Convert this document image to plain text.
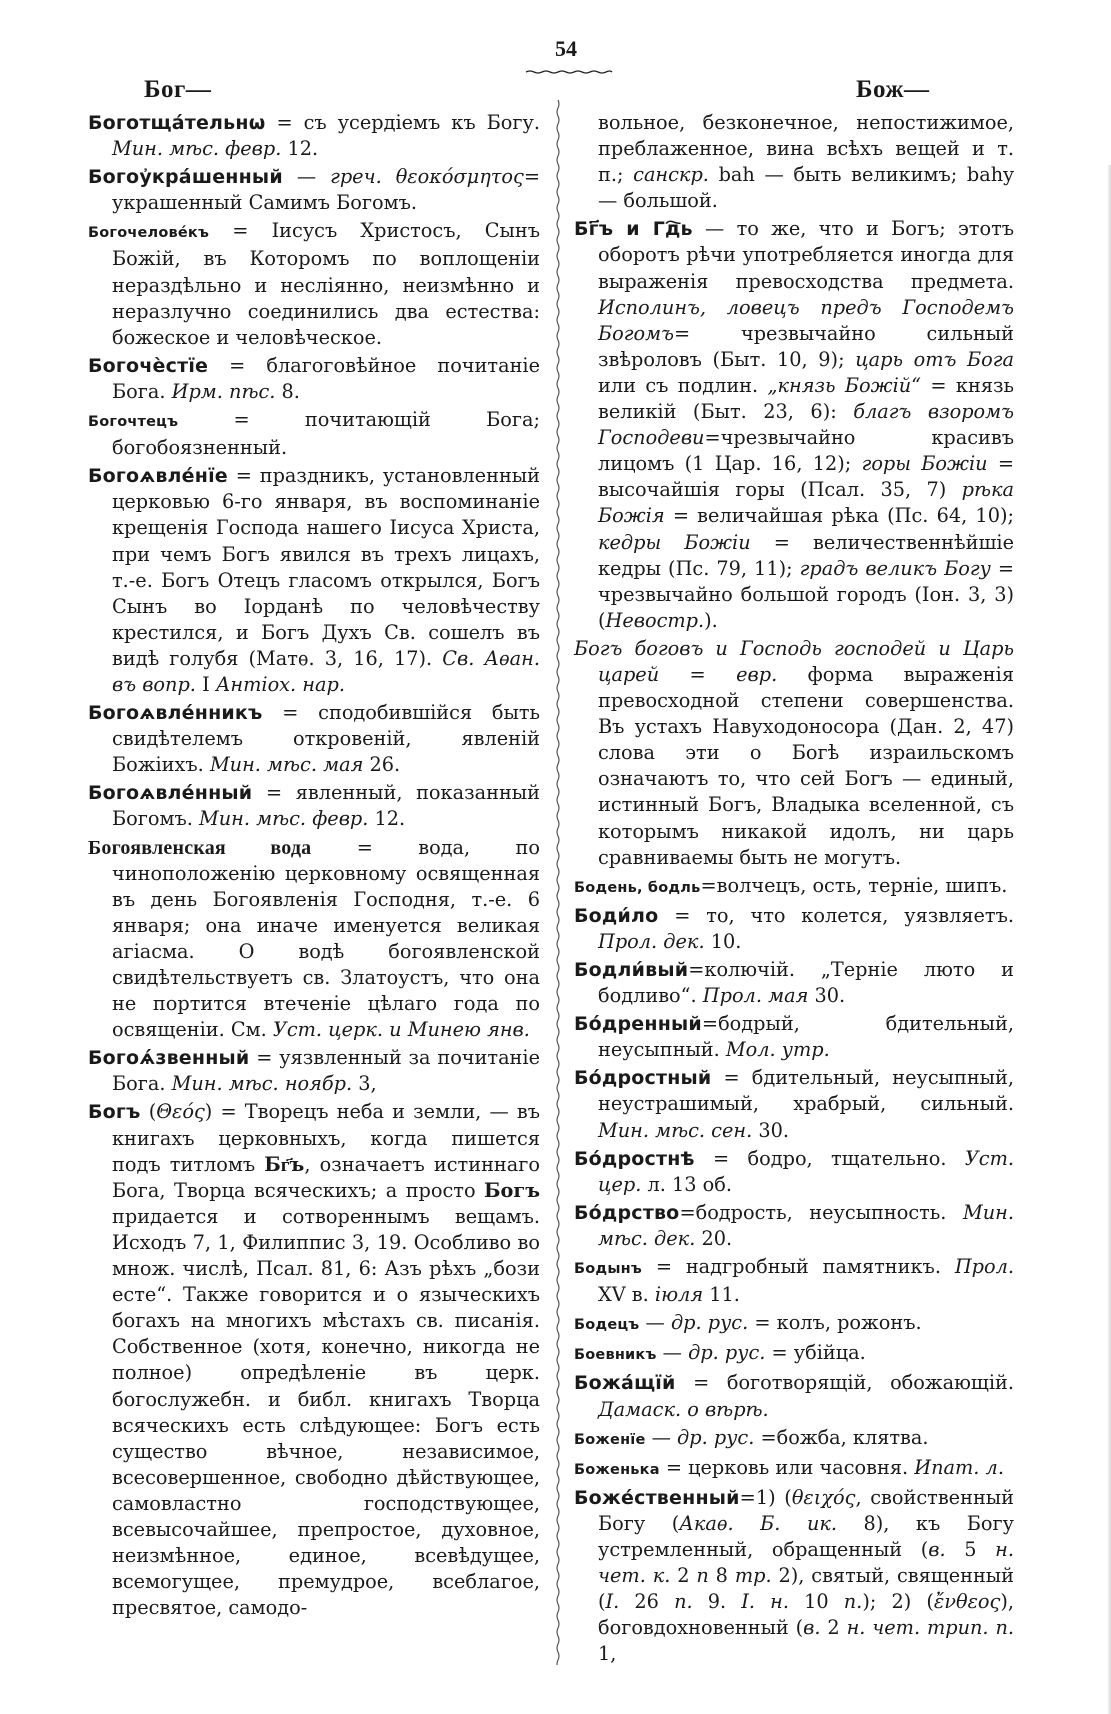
54
Бог—	Бож—

Боготща́тельнѡ = съ усердіемъ къ Богу. Мин. мѣс. февр. 12.

Богоу҆кра́шенный — греч. θεοκόσμητος= украшенный Самимъ Богомъ.

Богочелове́къ = Іисусъ Христосъ, Сынъ Божій, въ Которомъ по воплощеніи нераздѣльно и несліянно, неизмѣнно и неразлучно соединились два естества: божеское и человѣческое.

Богочѐстїе = благоговѣйное почитаніе Бога. Ирм. пѣс. 8.

Богочтецъ = почитающій Бога; богобоязненный.

Богоѧвле́нїе = праздникъ, установленный церковью 6-го января, въ воспоминаніе крещенія Господа нашего Іисуса Христа, при чемъ Богъ явился въ трехъ лицахъ, т.-е. Богъ Отецъ гласомъ открылся, Богъ Сынъ во Іорданѣ по человѣчеству крестился, и Богъ Духъ Св. сошелъ въ видѣ голубя (Матѳ. 3, 16, 17). Св. Аѳан. въ вопр. I Антіох. нар.

Богоѧвле́нникъ = сподобившійся быть свидѣтелемъ откровеній, явленій Божіихъ. Мин. мѣс. мая 26.

Богоѧвле́нный = явленный, показанный Богомъ. Мин. мѣс. февр. 12.

Богоявленская вода = вода, по чиноположенію церковному освященная въ день Богоявленія Господня, т.-е. 6 января; она иначе именуется великая агіасма. О водѣ богоявленской свидѣтельствуетъ св. Златоустъ, что она не портится втеченіе цѣлаго года по освященіи. См. Уст. церк. и Минею янв.

Богоѧ́звенный = уязвленный за почитаніе Бога. Мин. мѣс. ноябр. 3,

Богъ (Θεός) = Творецъ неба и земли, — въ книгахъ церковныхъ, когда пишется подъ титломъ Бг҃ъ, означаетъ истиннаго Бога, Творца всяческихъ; а просто Богъ придается и сотвореннымъ вещамъ. Исходъ 7, 1, Филиппис 3, 19. Особливо во множ. числѣ, Псал. 81, 6: Азъ рѣхъ „бози есте“. Также говорится и о языческихъ богахъ на многихъ мѣстахъ св. писанія. Собственное (хотя, конечно, никогда не полное) опредѣленіе въ церк. богослужебн. и библ. книгахъ Творца всяческихъ есть слѣдующее: Богъ есть существо вѣчное, независимое, всесовершенное, свободно дѣйствующее, самовластно господствующее, всевысочайшее, препростое, духовное, неизмѣнное, единое, всевѣдущее, всемогущее, премудрое, всеблагое, пресвятое, самодо-

вольное, безконечное, непостижимое, преблаженное, вина всѣхъ вещей и т. п.; санскр. bah — быть великимъ; bahy — большой.

Бг҃ъ и Гд҇ь — то же, что и Богъ; этотъ оборотъ рѣчи употребляется иногда для выраженія превосходства предмета. Исполинъ, ловецъ предъ Господемъ Богомъ= чрезвычайно сильный звѣроловъ (Быт. 10, 9); царь отъ Бога или съ подлин. „князь Божій“ = князь великій (Быт. 23, 6): благъ взоромъ Господеви=чрезвычайно красивъ лицомъ (1 Цар. 16, 12); горы Божіи = высочайшія горы (Псал. 35, 7) рѣка Божія = величайшая рѣка (Пс. 64, 10); кедры Божіи = величественнѣйшіе кедры (Пс. 79, 11); градъ великъ Богу = чрезвычайно большой городъ (Іон. 3, 3) (Невостр.).

Богъ боговъ и Господь господей и Царь царей = евр. форма выраженія превосходной степени совершенства. Въ устахъ Навуходоносора (Дан. 2, 47) слова эти о Богѣ израильскомъ означаютъ то, что сей Богъ — единый, истинный Богъ, Владыка вселенной, съ которымъ никакой идолъ, ни царь сравниваемы быть не могутъ.

Бодень, бодль=волчецъ, ость, терніе, шипъ.

Боди́ло = то, что колется, уязвляетъ. Прол. дек. 10.

Бодли́вый=колючій. „Терніе люто и бодливо“. Прол. мая 30.

Бо́дренный=бодрый, бдительный, неусыпный. Мол. утр.

Бо́дростный = бдительный, неусыпный, неустрашимый, храбрый, сильный. Мин. мѣс. сен. 30.

Бо́дростнѣ = бодро, тщательно. Уст. цер. л. 13 об.

Бо́дрство=бодрость, неусыпность. Мин. мѣс. дек. 20.

Бодынъ = надгробный памятникъ. Прол. XV в. іюля 11.

Бодецъ — др. рус. = колъ, рожонъ.

Боевникъ — др. рус. = убійца.

Божа́щїй = боготворящій, обожающій. Дамаск. о вѣрѣ.

Боженїе — др. рус. =божба, клятва.

Боженька = церковь или часовня. Ипат. л.

Боже́ственный=1) (θειχός, свойственный Богу (Акаѳ. Б. ик. 8), къ Богу устремленный, обращенный (в. 5 н. чет. к. 2 п 8 тр. 2), святый, священный (I. 26 п. 9. I. н. 10 п.); 2) (ἔνθεος), боговдохновенный (в. 2 н. чет. трип. п. 1,
